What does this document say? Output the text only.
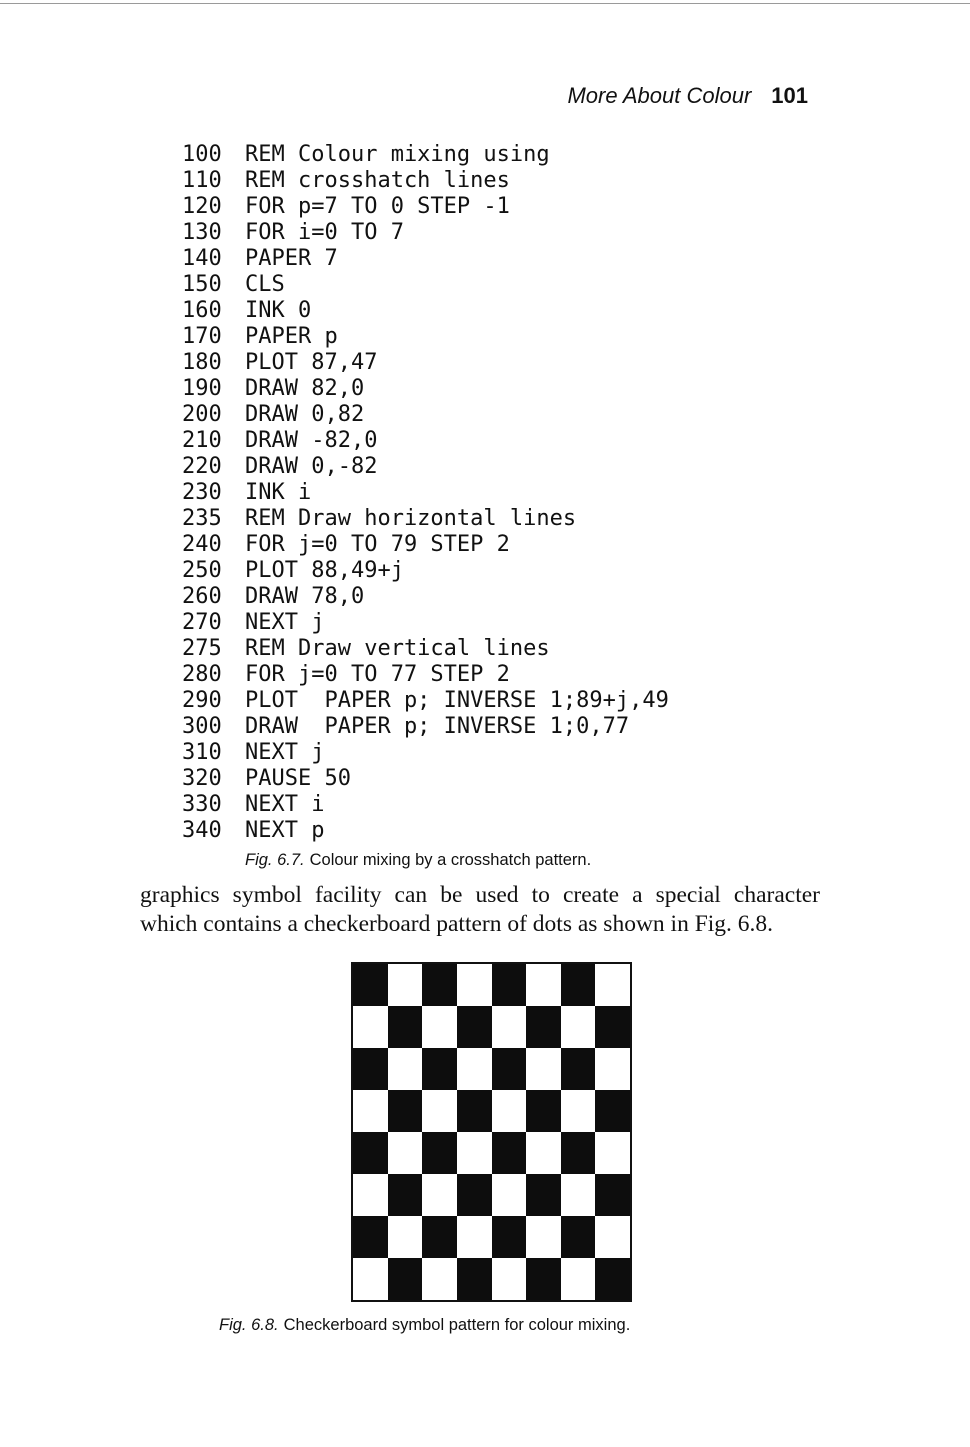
More About Colour 101
100 REM Colour mixing using
110 REM crosshatch lines
120 FOR p=7 TO 0 STEP -1
130 FOR i=0 TO 7
140 PAPER 7
150 CLS
160 INK 0
170 PAPER p
180 PLOT 87,47
190 DRAW 82,0
200 DRAW 0,82
210 DRAW -82,0
220 DRAW 0,-82
230 INK i
235 REM Draw horizontal lines
240 FOR j=0 TO 79 STEP 2
250 PLOT 88,49+j
260 DRAW 78,0
270 NEXT j
275 REM Draw vertical lines
280 FOR j=0 TO 77 STEP 2
290 PLOT  PAPER p; INVERSE 1;89+j,49
300 DRAW  PAPER p; INVERSE 1;0,77
310 NEXT j
320 PAUSE 50
330 NEXT i
340 NEXT p
Fig. 6.7. Colour mixing by a crosshatch pattern.

graphics symbol facility can be used to create a special character
which contains a checkerboard pattern of dots as shown in Fig. 6.8.

Fig. 6.8. Checkerboard symbol pattern for colour mixing.
